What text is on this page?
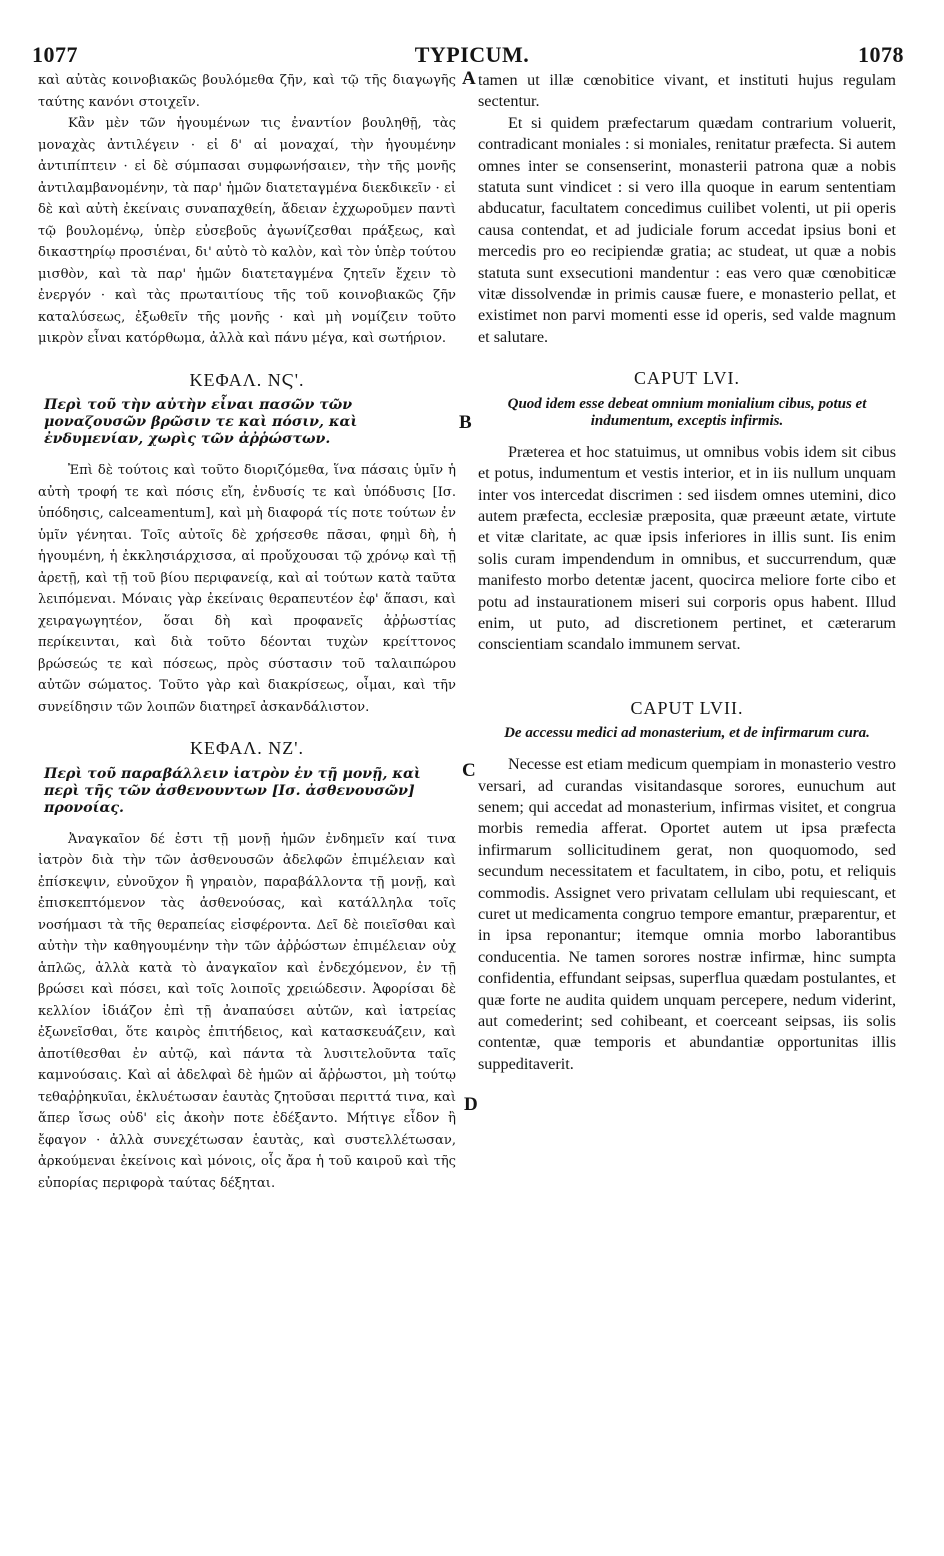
TYPICUM.
1077	1078
A
B
C
D

καὶ αὐτὰς κοινοβιακῶς βουλόμεθα ζῆν, καὶ τῷ τῆς διαγωγῆς ταύτης κανόνι στοιχεῖν.

Κἂν μὲν τῶν ἡγουμένων τις ἐναντίον βουληθῇ, τὰς μοναχὰς ἀντιλέγειν · εἰ δ' αἱ μοναχαί, τὴν ἡγουμένην ἀντιπίπτειν · εἰ δὲ σύμπασαι συμφωνήσαιεν, τὴν τῆς μονῆς ἀντιλαμβανομένην, τὰ παρ' ἡμῶν διατεταγμένα διεκδικεῖν · εἰ δὲ καὶ αὐτὴ ἐκείναις συναπαχθείη, ἄδειαν ἐχχωροῦμεν παντὶ τῷ βουλομένῳ, ὑπὲρ εὐσεβοῦς ἀγωνίζεσθαι πράξεως, καὶ δικαστηρίῳ προσιέναι, δι' αὐτὸ τὸ καλὸν, καὶ τὸν ὑπὲρ τούτου μισθὸν, καὶ τὰ παρ' ἡμῶν διατεταγμένα ζητεῖν ἔχειν τὸ ἐνεργόν · καὶ τὰς πρωταιτίους τῆς τοῦ κοινοβιακῶς ζῆν καταλύσεως, ἐξωθεῖν τῆς μονῆς · καὶ μὴ νομίζειν τοῦτο μικρὸν εἶναι κατόρθωμα, ἀλλὰ καὶ πάνυ μέγα, καὶ σωτήριον.

ΚΕΦΑΛ. ΝϚ'.
Περὶ τοῦ τὴν αὐτὴν εἶναι πασῶν τῶν μοναζουσῶν βρῶσιν τε καὶ πόσιν, καὶ ἐνδυμενίαν, χωρὶς τῶν ἀῤῥώστων.

Ἐπὶ δὲ τούτοις καὶ τοῦτο διοριζόμεθα, ἵνα πάσαις ὑμῖν ἡ αὐτὴ τροφή τε καὶ πόσις εἴη, ἐνδυσίς τε καὶ ὑπόδυσις [Ισ. ὑπόδησις, calceamentum], καὶ μὴ διαφορά τίς ποτε τούτων ἐν ὑμῖν γένηται. Τοῖς αὐτοῖς δὲ χρήσεσθε πᾶσαι, φημὶ δὴ, ἡ ἡγουμένη, ἡ ἐκκλησιάρχισσα, αἱ προὔχουσαι τῷ χρόνῳ καὶ τῇ ἀρετῇ, καὶ τῇ τοῦ βίου περιφανείᾳ, καὶ αἱ τούτων κατὰ ταῦτα λειπόμεναι. Μόναις γὰρ ἐκείναις θεραπευτέον ἐφ' ἅπασι, καὶ χειραγωγητέον, ὅσαι δὴ καὶ προφανεῖς ἀῤῥωστίας περίκεινται, καὶ διὰ τοῦτο δέονται τυχὼν κρείττονος βρώσεώς τε καὶ πόσεως, πρὸς σύστασιν τοῦ ταλαιπώρου αὐτῶν σώματος. Τοῦτο γὰρ καὶ διακρίσεως, οἶμαι, καὶ τῆν συνείδησιν τῶν λοιπῶν διατηρεῖ ἀσκανδάλιστον.

ΚΕΦΑΛ. ΝΖ'.
Περὶ τοῦ παραβάλλειν ἰατρὸν ἐν τῇ μονῇ, καὶ περὶ τῆς τῶν ἀσθενουντων [Ισ. ἀσθενουσῶν] προνοίας.

Ἀναγκαῖον δέ ἐστι τῇ μονῇ ἡμῶν ἐνδημεῖν καί τινα ἰατρὸν διὰ τὴν τῶν ἀσθενουσῶν ἀδελφῶν ἐπιμέλειαν καὶ ἐπίσκεψιν, εὐνοῦχον ἢ γηραιὸν, παραβάλλοντα τῇ μονῇ, καὶ ἐπισκεπτόμενον τὰς ἀσθενούσας, καὶ κατάλληλα τοῖς νοσήμασι τὰ τῆς θεραπείας εἰσφέροντα. Δεῖ δὲ ποιεῖσθαι καὶ αὐτὴν τὴν καθηγουμένην τὴν τῶν ἀῤῥώστων ἐπιμέλειαν οὐχ ἁπλῶς, ἀλλὰ κατὰ τὸ ἀναγκαῖον καὶ ἐνδεχόμενον, ἐν τῇ βρώσει καὶ πόσει, καὶ τοῖς λοιποῖς χρειώδεσιν. Ἀφορίσαι δὲ κελλίον ἰδιάζον ἐπὶ τῇ ἀναπαύσει αὐτῶν, καὶ ἰατρείας ἐξωνεῖσθαι, ὅτε καιρὸς ἐπιτήδειος, καὶ κατασκευάζειν, καὶ ἀποτίθεσθαι ἐν αὐτῷ, καὶ πάντα τὰ λυσιτελοῦντα ταῖς καμνούσαις. Καὶ αἱ ἀδελφαὶ δὲ ἡμῶν αἱ ἄῤῥωστοι, μὴ τούτῳ τεθαῤῥηκυῖαι, ἐκλυέτωσαν ἑαυτὰς ζητοῦσαι περιττά τινα, καὶ ἅπερ ἴσως οὐδ' εἰς ἀκοὴν ποτε ἐδέξαντο. Μήτιγε εἶδον ἢ ἔφαγον · ἀλλὰ συνεχέτωσαν ἑαυτὰς, καὶ συστελλέτωσαν, ἀρκούμεναι ἐκείνοις καὶ μόνοις, οἷς ἄρα ἡ τοῦ καιροῦ καὶ τῆς εὐπορίας περιφορὰ ταύτας δέξηται.

tamen ut illæ cœnobitice vivant, et instituti hujus regulam sectentur.

Et si quidem præfectarum quædam contrarium voluerit, contradicant moniales : si moniales, renitatur præfecta. Si autem omnes inter se consenserint, monasterii patrona quæ a nobis statuta sunt vindicet : si vero illa quoque in earum sententiam abducatur, facultatem concedimus cuilibet volenti, ut pii operis causa contendat, et ad judiciale forum accedat ipsius boni et mercedis pro eo recipiendæ gratia; ac studeat, ut quæ a nobis statuta sunt exsecutioni mandentur : eas vero quæ cœnobiticæ vitæ dissolvendæ in primis causæ fuere, e monasterio pellat, et existimet non parvi momenti esse id operis, sed valde magnum et salutare.

CAPUT LVI.
Quod idem esse debeat omnium monialium cibus, potus et indumentum, exceptis infirmis.

Præterea et hoc statuimus, ut omnibus vobis idem sit cibus et potus, indumentum et vestis interior, et in iis nullum unquam inter vos intercedat discrimen : sed iisdem omnes utemini, dico autem præfecta, ecclesiæ præposita, quæ præeunt ætate, virtute et vitæ claritate, ac quæ ipsis inferiores in illis sunt. Iis enim solis curam impendendum in omnibus, et succurrendum, quæ manifesto morbo detentæ jacent, quocirca meliore forte cibo et potu ad instaurationem miseri sui corporis opus habent. Illud enim, ut puto, ad discretionem pertinet, et cæterarum conscientiam scandalo immunem servat.

CAPUT LVII.
De accessu medici ad monasterium, et de infirmarum cura.

Necesse est etiam medicum quempiam in monasterio vestro versari, ad curandas visitandasque sorores, eunuchum aut senem; qui accedat ad monasterium, infirmas visitet, et congrua morbis remedia afferat. Oportet autem ut ipsa præfecta infirmarum sollicitudinem gerat, non quoquomodo, sed secundum necessitatem et facultatem, in cibo, potu, et reliquis commodis. Assignet vero privatam cellulam ubi requiescant, et curet ut medicamenta congruo tempore emantur, præparentur, et in ipsa reponantur; itemque omnia morbo laborantibus conducentia. Ne tamen sorores nostræ infirmæ, hinc sumpta confidentia, effundant seipsas, superflua quædam postulantes, et quæ forte ne audita quidem unquam percepere, nedum viderint, aut comederint; sed cohibeant, et coerceant seipsas, iis solis contentæ, quæ temporis et abundantiæ opportunitas illis suppeditaverit.
